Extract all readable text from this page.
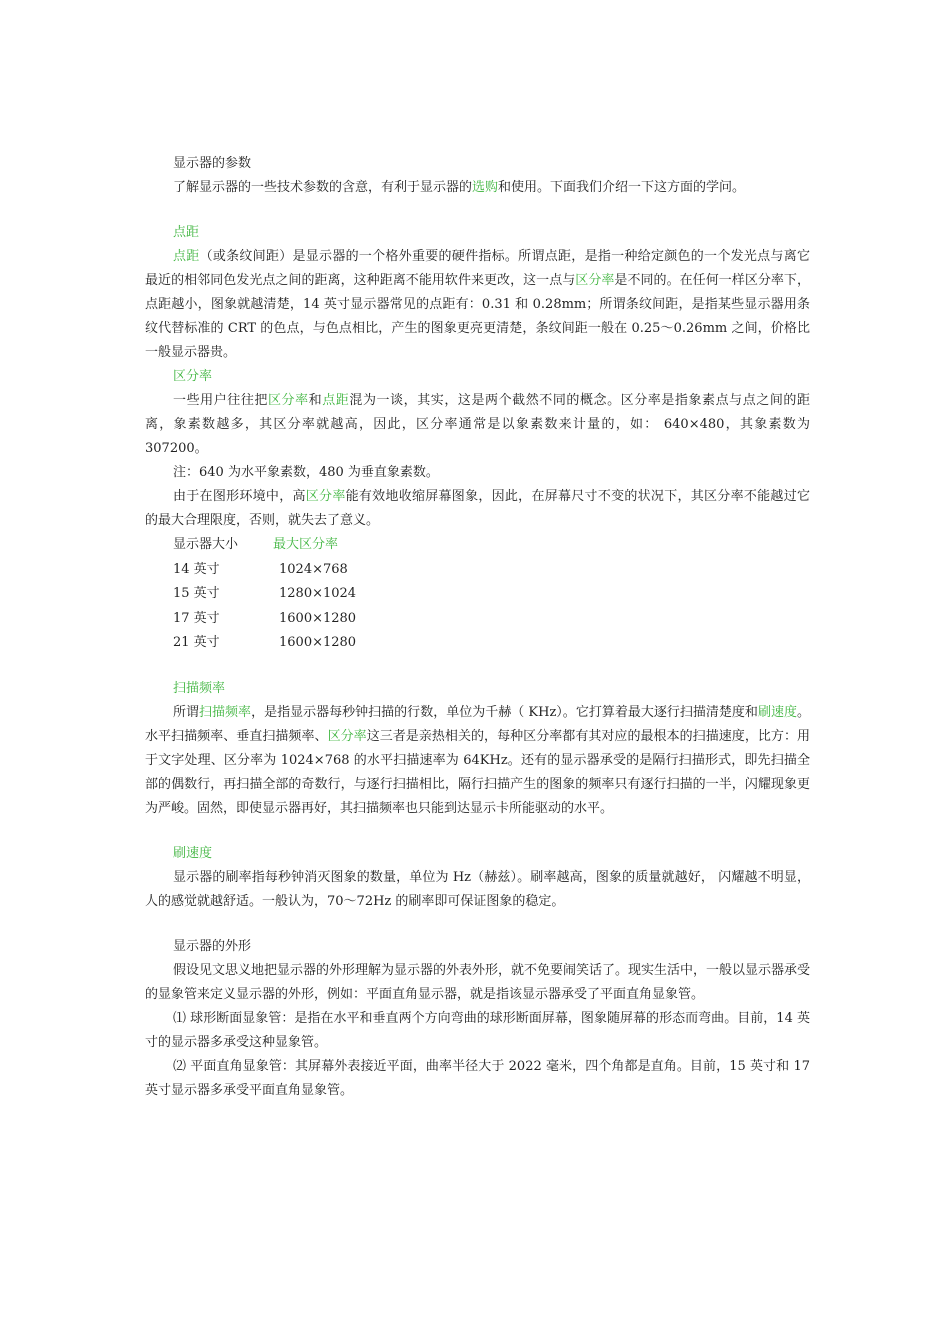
显示器的参数

了解显示器的一些技术参数的含意，有利于显示器的选购和使用。下面我们介绍一下这方面的学问。

点距

点距（或条纹间距）是显示器的一个格外重要的硬件指标。所谓点距，是指一种给定颜色的一个发光点与离它最近的相邻同色发光点之间的距离，这种距离不能用软件来更改，这一点与区分率是不同的。在任何一样区分率下，点距越小，图象就越清楚，14 英寸显示器常见的点距有：0.31 和 0.28mm；所谓条纹间距，是指某些显示器用条纹代替标准的 CRT 的色点，与色点相比，产生的图象更亮更清楚，条纹间距一般在 0.25～0.26mm 之间，价格比一般显示器贵。

区分率

一些用户往往把区分率和点距混为一谈，其实，这是两个截然不同的概念。区分率是指象素点与点之间的距离，象素数越多，其区分率就越高，因此，区分率通常是以象素数来计量的，如： 640×480，其象素数为 307200。

注：640 为水平象素数，480 为垂直象素数。

由于在图形环境中，高区分率能有效地收缩屏幕图象，因此，在屏幕尺寸不变的状况下，其区分率不能越过它的最大合理限度，否则，就失去了意义。

显示器大小	最大区分率
14 英寸	1024×768
15 英寸	1280×1024
17 英寸	1600×1280
21 英寸	1600×1280

扫描频率

所谓扫描频率，是指显示器每秒钟扫描的行数，单位为千赫（ KHz）。它打算着最大逐行扫描清楚度和刷速度。水平扫描频率、垂直扫描频率、区分率这三者是亲热相关的，每种区分率都有其对应的最根本的扫描速度，比方：用于文字处理、区分率为 1024×768 的水平扫描速率为 64KHz。还有的显示器承受的是隔行扫描形式，即先扫描全部的偶数行，再扫描全部的奇数行，与逐行扫描相比，隔行扫描产生的图象的频率只有逐行扫描的一半，闪耀现象更为严峻。固然，即使显示器再好，其扫描频率也只能到达显示卡所能驱动的水平。

刷速度

显示器的刷率指每秒钟消灭图象的数量，单位为 Hz（赫兹）。刷率越高，图象的质量就越好， 闪耀越不明显，人的感觉就越舒适。一般认为，70～72Hz 的刷率即可保证图象的稳定。

显示器的外形

假设见文思义地把显示器的外形理解为显示器的外表外形，就不免要闹笑话了。现实生活中，一般以显示器承受的显象管来定义显示器的外形，例如：平面直角显示器，就是指该显示器承受了平面直角显象管。

⑴ 球形断面显象管：是指在水平和垂直两个方向弯曲的球形断面屏幕，图象随屏幕的形态而弯曲。目前，14 英寸的显示器多承受这种显象管。

⑵ 平面直角显象管：其屏幕外表接近平面，曲率半径大于 2022 毫米，四个角都是直角。目前，15 英寸和 17 英寸显示器多承受平面直角显象管。
